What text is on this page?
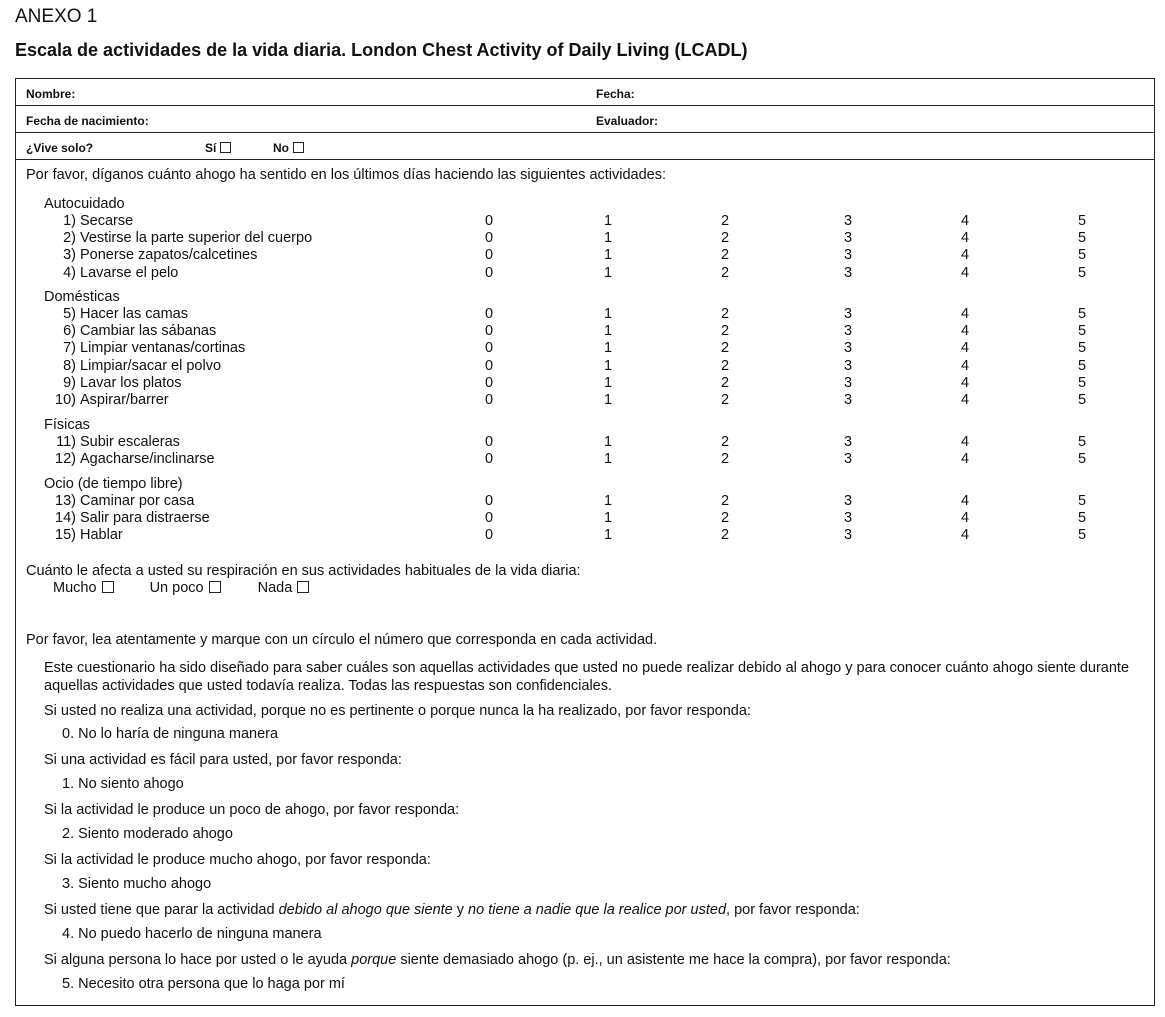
ANEXO 1
Escala de actividades de la vida diaria. London Chest Activity of Daily Living (LCADL)
Nombre:	Fecha:
Fecha de nacimiento:	Evaluador:
¿Vive solo?	Sí	No
Por favor, díganos cuánto ahogo ha sentido en los últimos días haciendo las siguientes actividades:
Autocuidado
1) Secarse	0	1	2	3	4	5
2) Vestirse la parte superior del cuerpo	0	1	2	3	4	5
3) Ponerse zapatos/calcetines	0	1	2	3	4	5
4) Lavarse el pelo	0	1	2	3	4	5
Domésticas
5) Hacer las camas	0	1	2	3	4	5
6) Cambiar las sábanas	0	1	2	3	4	5
7) Limpiar ventanas/cortinas	0	1	2	3	4	5
8) Limpiar/sacar el polvo	0	1	2	3	4	5
9) Lavar los platos	0	1	2	3	4	5
10) Aspirar/barrer	0	1	2	3	4	5
Físicas
11) Subir escaleras	0	1	2	3	4	5
12) Agacharse/inclinarse	0	1	2	3	4	5
Ocio (de tiempo libre)
13) Caminar por casa	0	1	2	3	4	5
14) Salir para distraerse	0	1	2	3	4	5
15) Hablar	0	1	2	3	4	5
Cuánto le afecta a usted su respiración en sus actividades habituales de la vida diaria:
Mucho	Un poco	Nada
Por favor, lea atentamente y marque con un círculo el número que corresponda en cada actividad.
Este cuestionario ha sido diseñado para saber cuáles son aquellas actividades que usted no puede realizar debido al ahogo y para conocer cuánto ahogo siente durante aquellas actividades que usted todavía realiza. Todas las respuestas son confidenciales.
Si usted no realiza una actividad, porque no es pertinente o porque nunca la ha realizado, por favor responda:
0. No lo haría de ninguna manera
Si una actividad es fácil para usted, por favor responda:
1. No siento ahogo
Si la actividad le produce un poco de ahogo, por favor responda:
2. Siento moderado ahogo
Si la actividad le produce mucho ahogo, por favor responda:
3. Siento mucho ahogo
Si usted tiene que parar la actividad debido al ahogo que siente y no tiene a nadie que la realice por usted, por favor responda:
4. No puedo hacerlo de ninguna manera
Si alguna persona lo hace por usted o le ayuda porque siente demasiado ahogo (p. ej., un asistente me hace la compra), por favor responda:
5. Necesito otra persona que lo haga por mí
